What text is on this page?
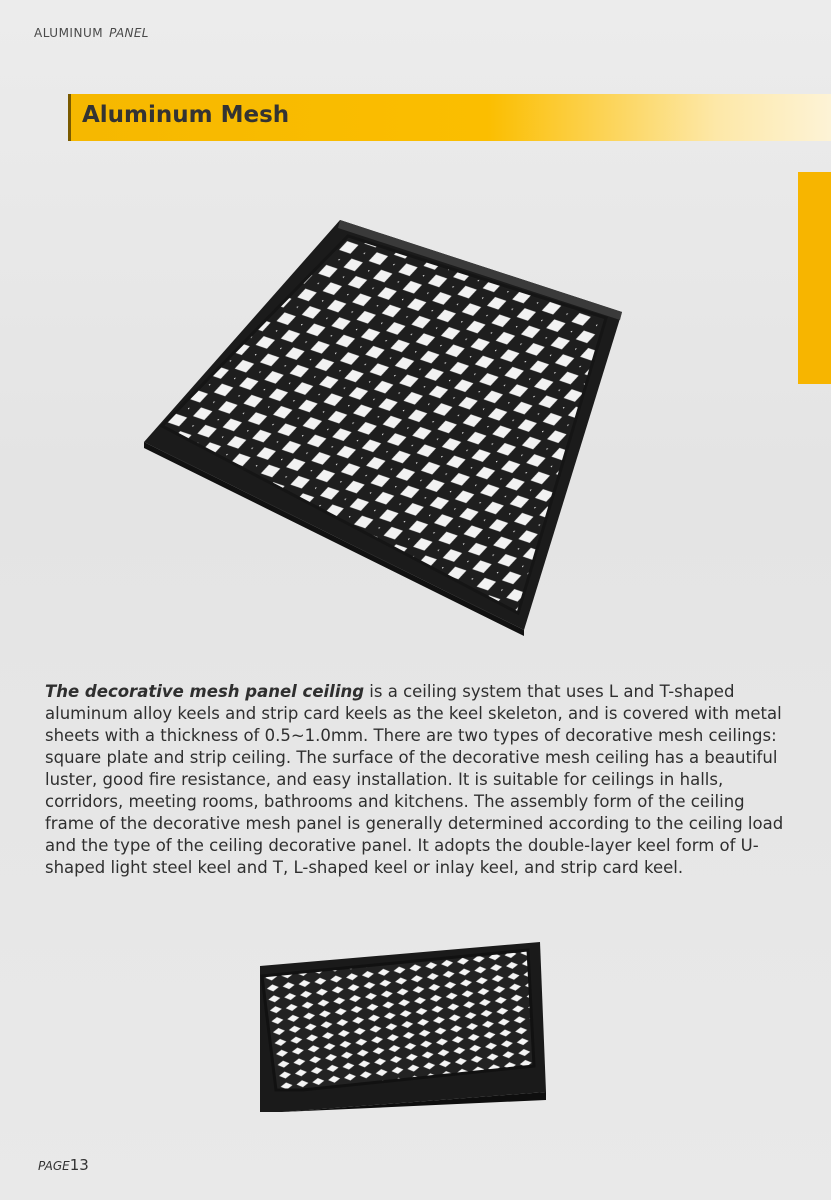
ALUMINUM PANEL
Aluminum Mesh
The decorative mesh panel ceiling is a ceiling system that uses L and T-shaped aluminum alloy keels and strip card keels as the keel skeleton, and is covered with metal sheets with a thickness of 0.5~1.0mm. There are two types of decorative mesh ceilings: square plate and strip ceiling. The surface of the decorative mesh ceiling has a beautiful luster, good fire resistance, and easy installation. It is suitable for ceilings in halls, corridors, meeting rooms, bathrooms and kitchens. The assembly form of the ceiling frame of the decorative mesh panel is generally determined according to the ceiling load and the type of the ceiling decorative panel. It adopts the double-layer keel form of U-shaped light steel keel and T, L-shaped keel or inlay keel, and strip card keel.
PAGE13
